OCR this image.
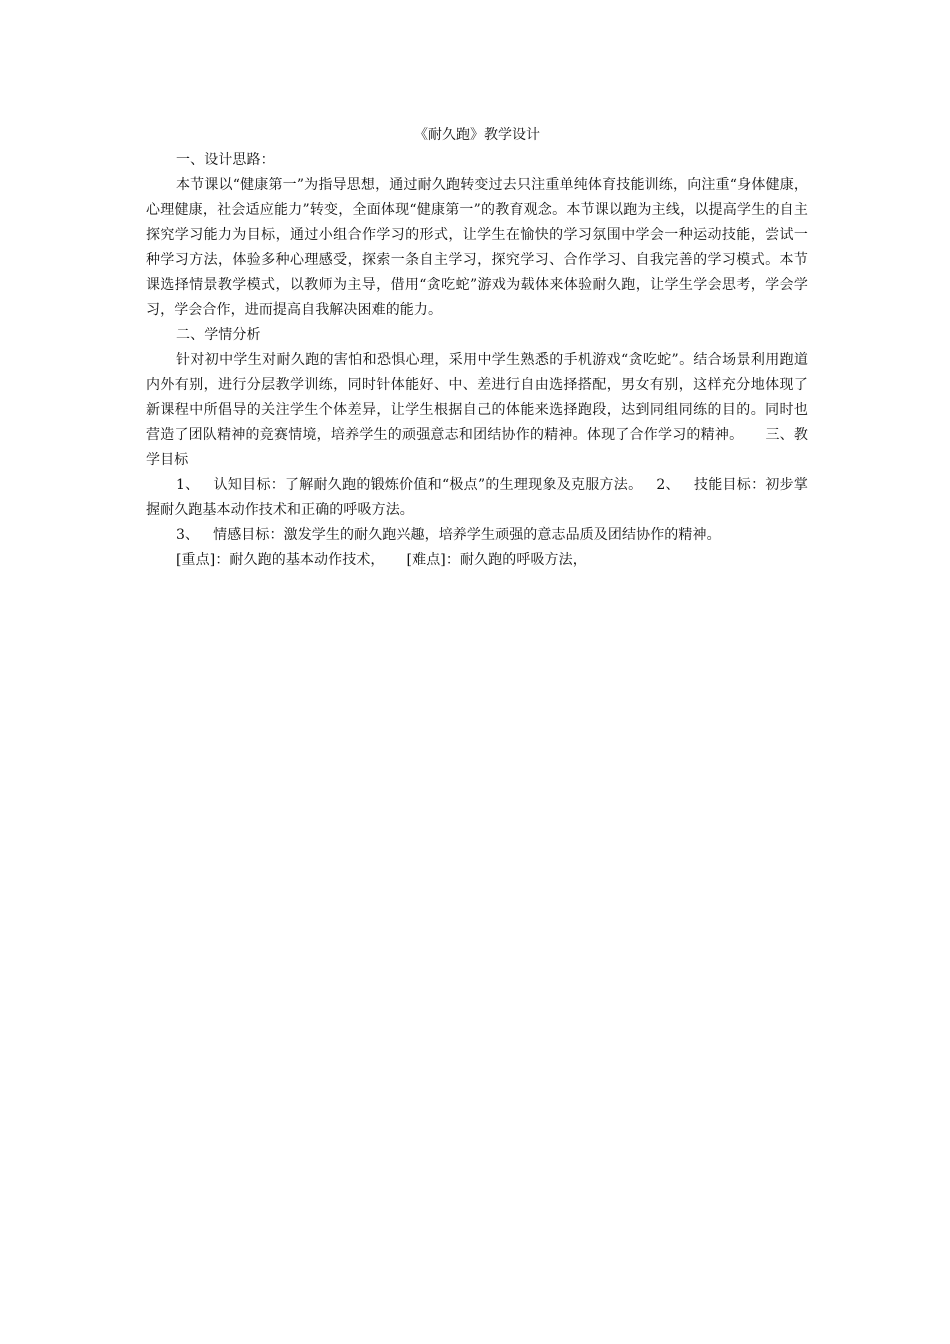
《耐久跑》教学设计

一、设计思路：

本节课以“健康第一”为指导思想，通过耐久跑转变过去只注重单纯体育技能训练，向注重“身体健康，心理健康，社会适应能力”转变，全面体现“健康第一”的教育观念。本节课以跑为主线，以提高学生的自主探究学习能力为目标，通过小组合作学习的形式，让学生在愉快的学习氛围中学会一种运动技能，尝试一种学习方法，体验多种心理感受，探索一条自主学习，探究学习、合作学习、自我完善的学习模式。本节课选择情景教学模式，以教师为主导，借用“贪吃蛇”游戏为载体来体验耐久跑，让学生学会思考，学会学习，学会合作，进而提高自我解决困难的能力。

二、学情分析

针对初中学生对耐久跑的害怕和恐惧心理，采用中学生熟悉的手机游戏“贪吃蛇”。结合场景利用跑道内外有别，进行分层教学训练，同时针体能好、中、差进行自由选择搭配，男女有别，这样充分地体现了新课程中所倡导的关注学生个体差异，让学生根据自己的体能来选择跑段，达到同组同练的目的。同时也营造了团队精神的竞赛情境，培养学生的顽强意志和团结协作的精神。体现了合作学习的精神。 三、教学目标

1、 认知目标：了解耐久跑的锻炼价值和“极点”的生理现象及克服方法。 2、 技能目标：初步掌握耐久跑基本动作技术和正确的呼吸方法。

3、 情感目标：激发学生的耐久跑兴趣，培养学生顽强的意志品质及团结协作的精神。

[重点]：耐久跑的基本动作技术， [难点]：耐久跑的呼吸方法，
